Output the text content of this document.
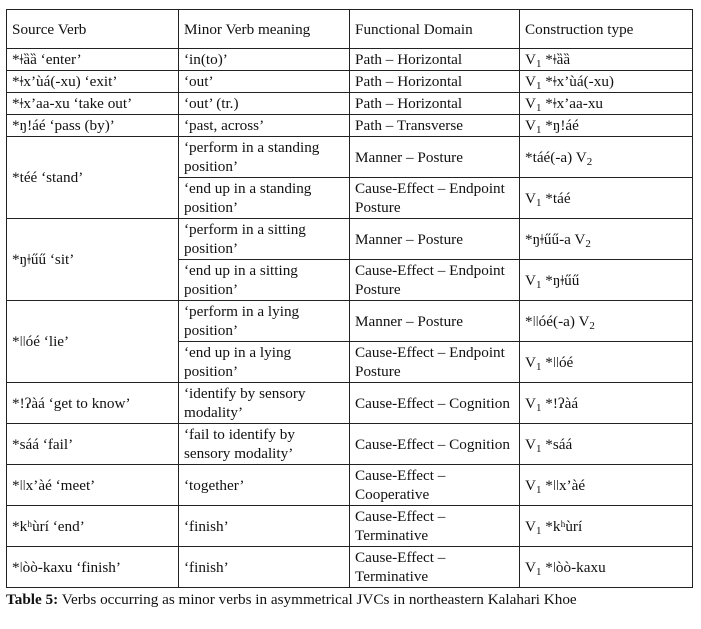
Source Verb	Minor Verb meaning	Functional Domain	Construction type
*ǂȁȁ ‘enter’	‘in(to)’	Path – Horizontal	$V_1$ *ǂȁȁ
*ǂx’ùá(-xu) ‘exit’	‘out’	Path – Horizontal	$V_1$ *ǂx’ùá(-xu)
*ǂx’aa-xu ‘take out’	‘out’ (tr.)	Path – Horizontal	$V_1$ *ǂx’aa-xu
*ŋ!áé ‘pass (by)’	‘past, across’	Path – Transverse	$V_1$ *ŋ!áé
*téé ‘stand’	‘perform in a standing position’	Manner – Posture	*táé(-a) $V_2$
	‘end up in a standing position’	Cause-Effect – Endpoint Posture	$V_1$ *táé
*ŋǂűű ‘sit’	‘perform in a sitting position’	Manner – Posture	*ŋǂűű-a $V_2$
	‘end up in a sitting position’	Cause-Effect – Endpoint Posture	$V_1$ *ŋǂűű
*ǀǀóé ‘lie’	‘perform in a lying position’	Manner – Posture	*ǀǀóé(-a) $V_2$
	‘end up in a lying position’	Cause-Effect – Endpoint Posture	$V_1$ *ǀǀóé
*!ʔàá ‘get to know’	‘identify by sensory modality’	Cause-Effect – Cognition	$V_1$ *!ʔàá
*sáá ‘fail’	‘fail to identify by sensory modality’	Cause-Effect – Cognition	$V_1$ *sáá
*ǀǀx’àé ‘meet’	‘together’	Cause-Effect – Cooperative	$V_1$ *ǀǀx’àé
*kʰùrí ‘end’	‘finish’	Cause-Effect – Terminative	$V_1$ *kʰùrí
*ǀòò-kaxu ‘finish’	‘finish’	Cause-Effect – Terminative	$V_1$ *ǀòò-kaxu
Table 5: Verbs occurring as minor verbs in asymmetrical JVCs in northeastern Kalahari Khoe
